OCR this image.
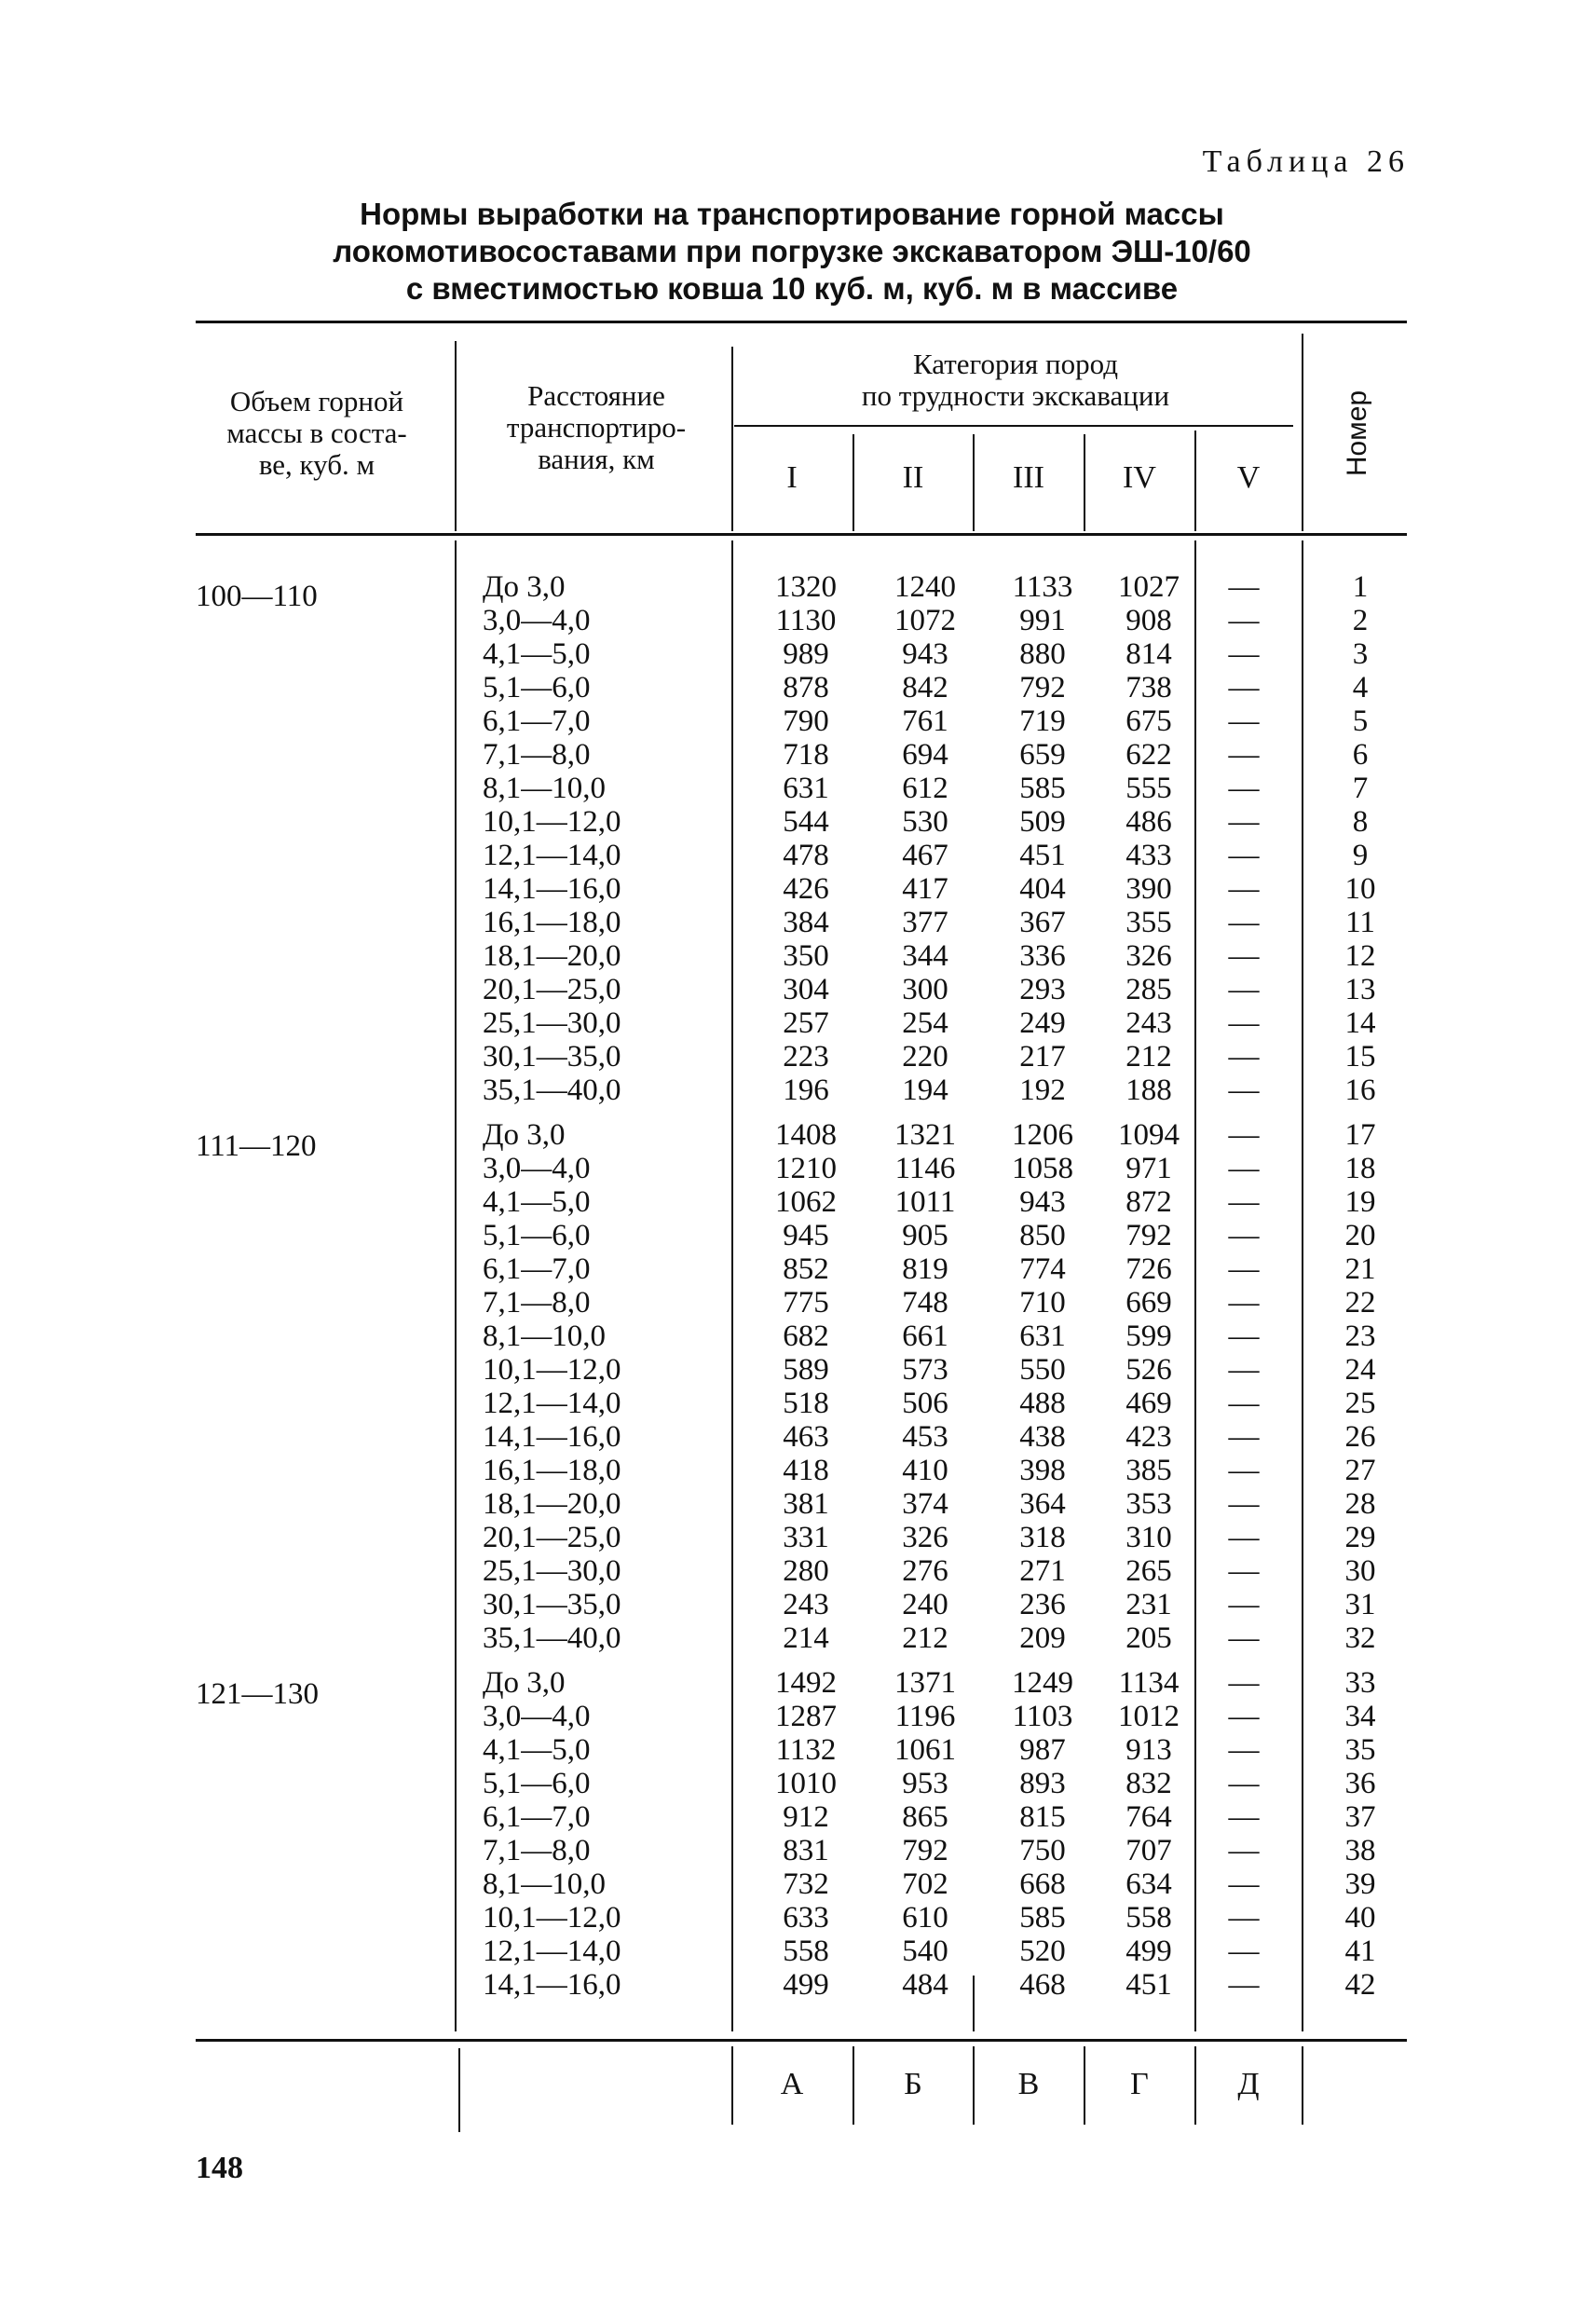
Таблица 26
Нормы выработки на транспортирование горной массы
локомотивосоставами при погрузке экскаватором ЭШ-10/60
с вместимостью ковша 10 куб. м, куб. м в массиве
Объем горной
массы в соста-
ве, куб. м
Расстояние
транспортиро-
вания, км
Категория пород
по трудности экскавации
I	II	III	IV	V
Номер
100—110
111—120
121—130
До 3,0	1320	1240	1133	1027	—	1
3,0—4,0	1130	1072	991	908	—	2
4,1—5,0	989	943	880	814	—	3
5,1—6,0	878	842	792	738	—	4
6,1—7,0	790	761	719	675	—	5
7,1—8,0	718	694	659	622	—	6
8,1—10,0	631	612	585	555	—	7
10,1—12,0	544	530	509	486	—	8
12,1—14,0	478	467	451	433	—	9
14,1—16,0	426	417	404	390	—	10
16,1—18,0	384	377	367	355	—	11
18,1—20,0	350	344	336	326	—	12
20,1—25,0	304	300	293	285	—	13
25,1—30,0	257	254	249	243	—	14
30,1—35,0	223	220	217	212	—	15
35,1—40,0	196	194	192	188	—	16
До 3,0	1408	1321	1206	1094	—	17
3,0—4,0	1210	1146	1058	971	—	18
4,1—5,0	1062	1011	943	872	—	19
5,1—6,0	945	905	850	792	—	20
6,1—7,0	852	819	774	726	—	21
7,1—8,0	775	748	710	669	—	22
8,1—10,0	682	661	631	599	—	23
10,1—12,0	589	573	550	526	—	24
12,1—14,0	518	506	488	469	—	25
14,1—16,0	463	453	438	423	—	26
16,1—18,0	418	410	398	385	—	27
18,1—20,0	381	374	364	353	—	28
20,1—25,0	331	326	318	310	—	29
25,1—30,0	280	276	271	265	—	30
30,1—35,0	243	240	236	231	—	31
35,1—40,0	214	212	209	205	—	32
До 3,0	1492	1371	1249	1134	—	33
3,0—4,0	1287	1196	1103	1012	—	34
4,1—5,0	1132	1061	987	913	—	35
5,1—6,0	1010	953	893	832	—	36
6,1—7,0	912	865	815	764	—	37
7,1—8,0	831	792	750	707	—	38
8,1—10,0	732	702	668	634	—	39
10,1—12,0	633	610	585	558	—	40
12,1—14,0	558	540	520	499	—	41
14,1—16,0	499	484	468	451	—	42
А	Б	В	Г	Д
148
